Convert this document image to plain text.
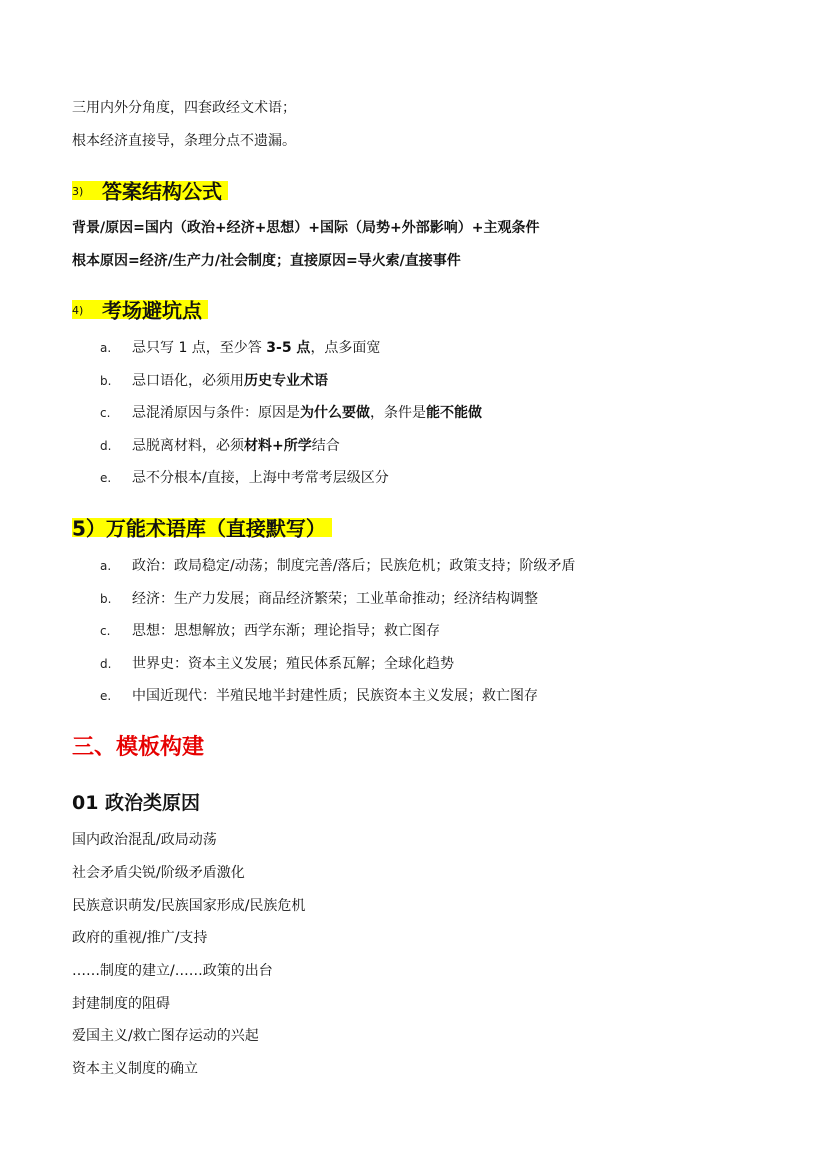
三用内外分角度，四套政经文术语；
根本经济直接导，条理分点不遗漏。
3) 答案结构公式
背景/原因=国内（政治+经济+思想）+国际（局势+外部影响）+主观条件
根本原因=经济/生产力/社会制度；直接原因=导火索/直接事件
4) 考场避坑点
a. 忌只写 1 点，至少答 3-5 点，点多面宽
b. 忌口语化，必须用历史专业术语
c. 忌混淆原因与条件：原因是为什么要做，条件是能不能做
d. 忌脱离材料，必须材料+所学结合
e. 忌不分根本/直接，上海中考常考层级区分
5）万能术语库（直接默写）
a. 政治：政局稳定/动荡；制度完善/落后；民族危机；政策支持；阶级矛盾
b. 经济：生产力发展；商品经济繁荣；工业革命推动；经济结构调整
c. 思想：思想解放；西学东渐；理论指导；救亡图存
d. 世界史：资本主义发展；殖民体系瓦解；全球化趋势
e. 中国近现代：半殖民地半封建性质；民族资本主义发展；救亡图存
三、模板构建
01 政治类原因
国内政治混乱/政局动荡
社会矛盾尖锐/阶级矛盾激化
民族意识萌发/民族国家形成/民族危机
政府的重视/推广/支持
……制度的建立/……政策的出台
封建制度的阻碍
爱国主义/救亡图存运动的兴起
资本主义制度的确立
